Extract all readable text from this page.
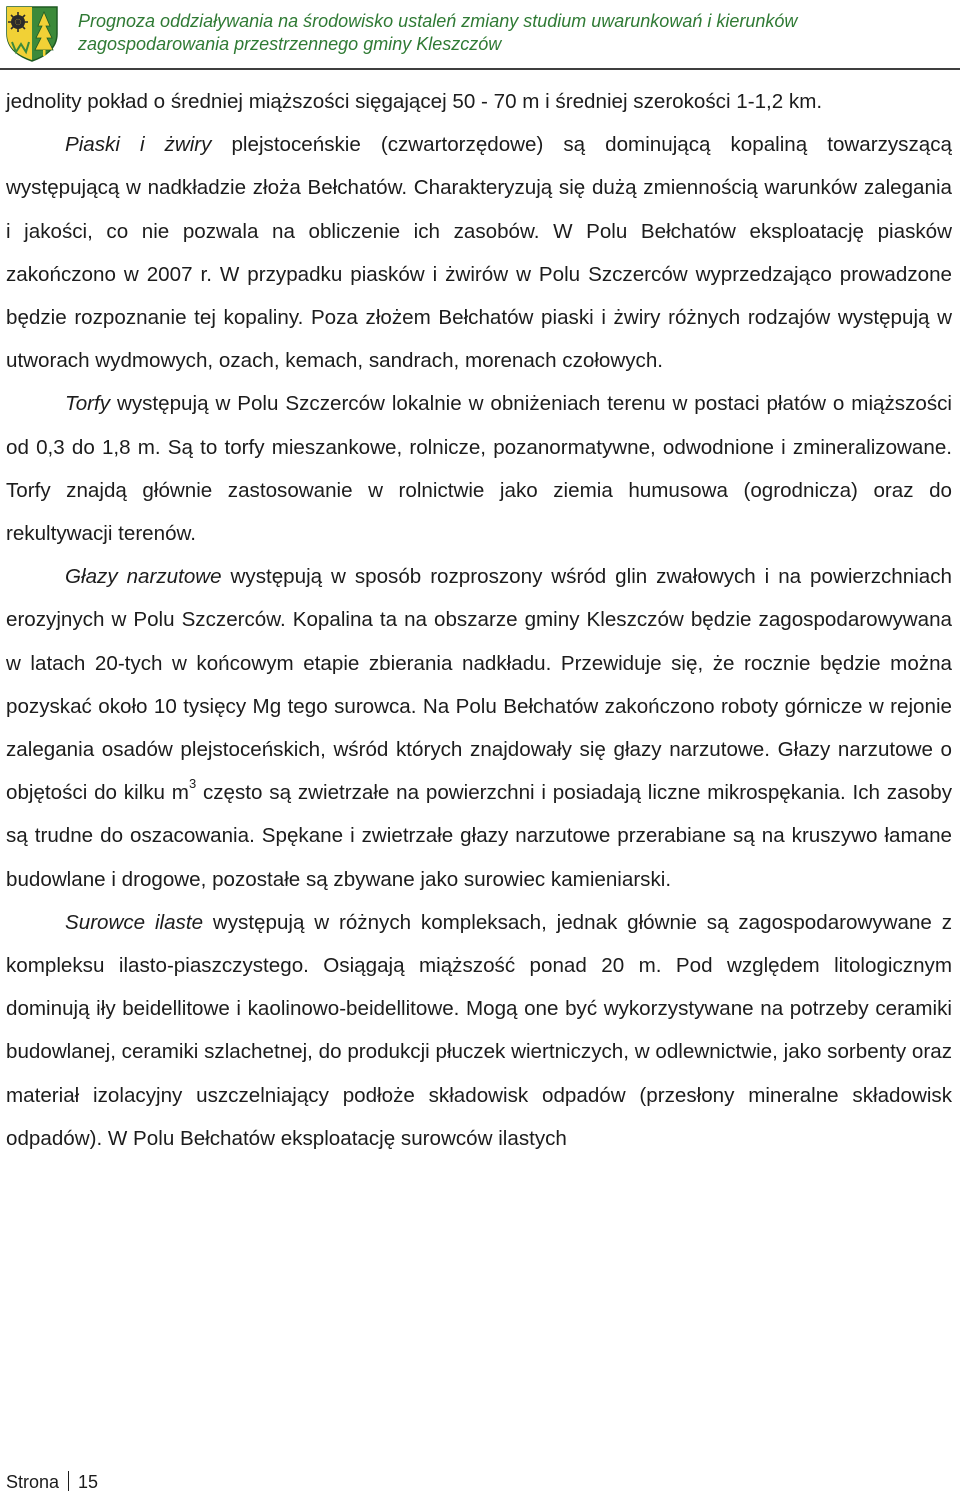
Prognoza oddziaływania na środowisko ustaleń zmiany studium uwarunkowań i kierunków
zagospodarowania przestrzennego gminy Kleszczów

jednolity pokład o średniej miąższości sięgającej 50 - 70 m i średniej szerokości 1-1,2 km.

Piaski i żwiry plejstoceńskie (czwartorzędowe) są dominującą kopaliną towarzyszącą występującą w nadkładzie złoża Bełchatów. Charakteryzują się dużą zmiennością warunków zalegania i jakości, co nie pozwala na obliczenie ich zasobów. W Polu Bełchatów eksploatację piasków zakończono w 2007 r. W przypadku piasków i żwirów w Polu Szczerców wyprzedzająco prowadzone będzie rozpoznanie tej kopaliny. Poza złożem Bełchatów piaski i żwiry różnych rodzajów występują w utworach wydmowych, ozach, kemach, sandrach, morenach czołowych.

Torfy występują w Polu Szczerców lokalnie w obniżeniach terenu w postaci płatów o miąższości od 0,3 do 1,8 m. Są to torfy mieszankowe, rolnicze, pozanormatywne, odwodnione i zmineralizowane. Torfy znajdą głównie zastosowanie w rolnictwie jako ziemia humusowa (ogrodnicza) oraz do rekultywacji terenów.

Głazy narzutowe występują w sposób rozproszony wśród glin zwałowych i na powierzchniach erozyjnych w Polu Szczerców. Kopalina ta na obszarze gminy Kleszczów będzie zagospodarowywana w latach 20-tych w końcowym etapie zbierania nadkładu. Przewiduje się, że rocznie będzie można pozyskać około 10 tysięcy Mg tego surowca. Na Polu Bełchatów zakończono roboty górnicze w rejonie zalegania osadów plejstoceńskich, wśród których znajdowały się głazy narzutowe. Głazy narzutowe o objętości do kilku $m^3$ często są zwietrzałe na powierzchni i posiadają liczne mikrospękania. Ich zasoby są trudne do oszacowania. Spękane i zwietrzałe głazy narzutowe przerabiane są na kruszywo łamane budowlane i drogowe, pozostałe są zbywane jako surowiec kamieniarski.

Surowce ilaste występują w różnych kompleksach, jednak głównie są zagospodarowywane z kompleksu ilasto-piaszczystego. Osiągają miąższość ponad 20 m. Pod względem litologicznym dominują iły beidellitowe i kaolinowo-beidellitowe. Mogą one być wykorzystywane na potrzeby ceramiki budowlanej, ceramiki szlachetnej, do produkcji płuczek wiertniczych, w odlewnictwie, jako sorbenty oraz materiał izolacyjny uszczelniający podłoże składowisk odpadów (przesłony mineralne składowisk odpadów). W Polu Bełchatów eksploatację surowców ilastych

Strona 15
